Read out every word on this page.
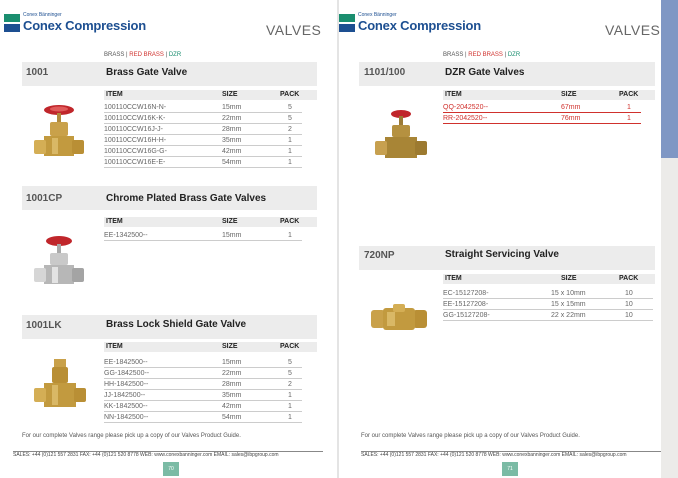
Conex Bänninger
Conex Compression	VALVES
BRASS | RED BRASS | DZR
1001	Brass Gate Valve
ITEM	SIZE	PACK
100110CCW16N-N-	15mm	5
100110CCW16K-K-	22mm	5
100110CCW16J-J-	28mm	2
100110CCW16H-H-	35mm	1
100110CCW16G-G-	42mm	1
100110CCW16E-E-	54mm	1
1001CP	Chrome Plated Brass Gate Valves
ITEM	SIZE	PACK
EE-1342500--	15mm	1
1001LK	Brass Lock Shield Gate Valve
ITEM	SIZE	PACK
EE-1842500--	15mm	5
GG-1842500--	22mm	5
HH-1842500--	28mm	2
JJ-1842500--	35mm	1
KK-1842500--	42mm	1
NN-1842500--	54mm	1
For our complete Valves range please pick up a copy of our Valves Product Guide.
SALES: +44 (0)121 557 2831 FAX: +44 (0)121 520 8778 WEB: www.conexbanninger.com EMAIL: sales@ibpgroup.com
70
Conex Bänninger
Conex Compression	VALVES
BRASS | RED BRASS | DZR
1101/100	DZR Gate Valves
ITEM	SIZE	PACK
QQ-2042520--	67mm	1
RR-2042520--	76mm	1
720NP	Straight Servicing Valve
ITEM	SIZE	PACK
EC-15127208-	15 x 10mm	10
EE-15127208-	15 x 15mm	10
GG-15127208-	22 x 22mm	10
For our complete Valves range please pick up a copy of our Valves Product Guide.
SALES: +44 (0)121 557 2831 FAX: +44 (0)121 520 8778 WEB: www.conexbanninger.com EMAIL: sales@ibpgroup.com
71
